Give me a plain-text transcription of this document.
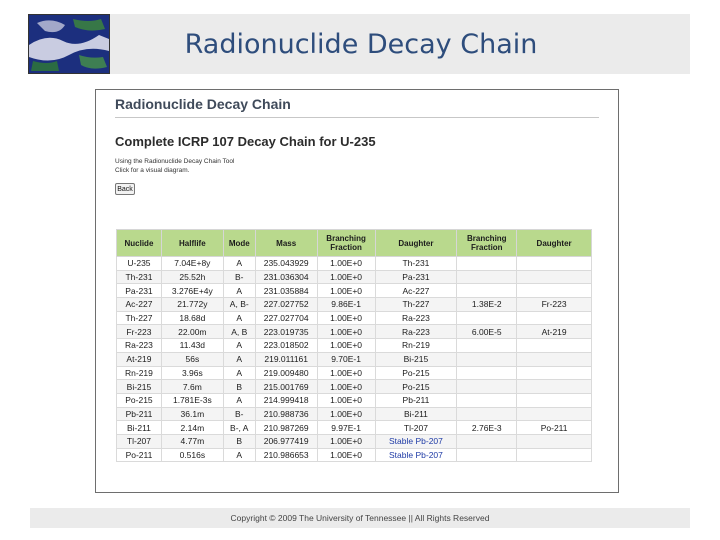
Radionuclide Decay Chain
Radionuclide Decay Chain
Complete ICRP 107 Decay Chain for U-235
Using the Radionuclide Decay Chain Tool
Click for a visual diagram.
Back
Nuclide	Halflife	Mode	Mass	Branching Fraction	Daughter	Branching Fraction	Daughter
U-235	7.04E+8y	A	235.043929	1.00E+0	Th-231		
Th-231	25.52h	B-	231.036304	1.00E+0	Pa-231		
Pa-231	3.276E+4y	A	231.035884	1.00E+0	Ac-227		
Ac-227	21.772y	A, B-	227.027752	9.86E-1	Th-227	1.38E-2	Fr-223
Th-227	18.68d	A	227.027704	1.00E+0	Ra-223		
Fr-223	22.00m	A, B	223.019735	1.00E+0	Ra-223	6.00E-5	At-219
Ra-223	11.43d	A	223.018502	1.00E+0	Rn-219		
At-219	56s	A	219.011161	9.70E-1	Bi-215		
Rn-219	3.96s	A	219.009480	1.00E+0	Po-215		
Bi-215	7.6m	B	215.001769	1.00E+0	Po-215		
Po-215	1.781E-3s	A	214.999418	1.00E+0	Pb-211		
Pb-211	36.1m	B-	210.988736	1.00E+0	Bi-211		
Bi-211	2.14m	B-, A	210.987269	9.97E-1	Tl-207	2.76E-3	Po-211
Tl-207	4.77m	B	206.977419	1.00E+0	Stable Pb-207		
Po-211	0.516s	A	210.986653	1.00E+0	Stable Pb-207		
Copyright © 2009 The University of Tennessee || All Rights Reserved
